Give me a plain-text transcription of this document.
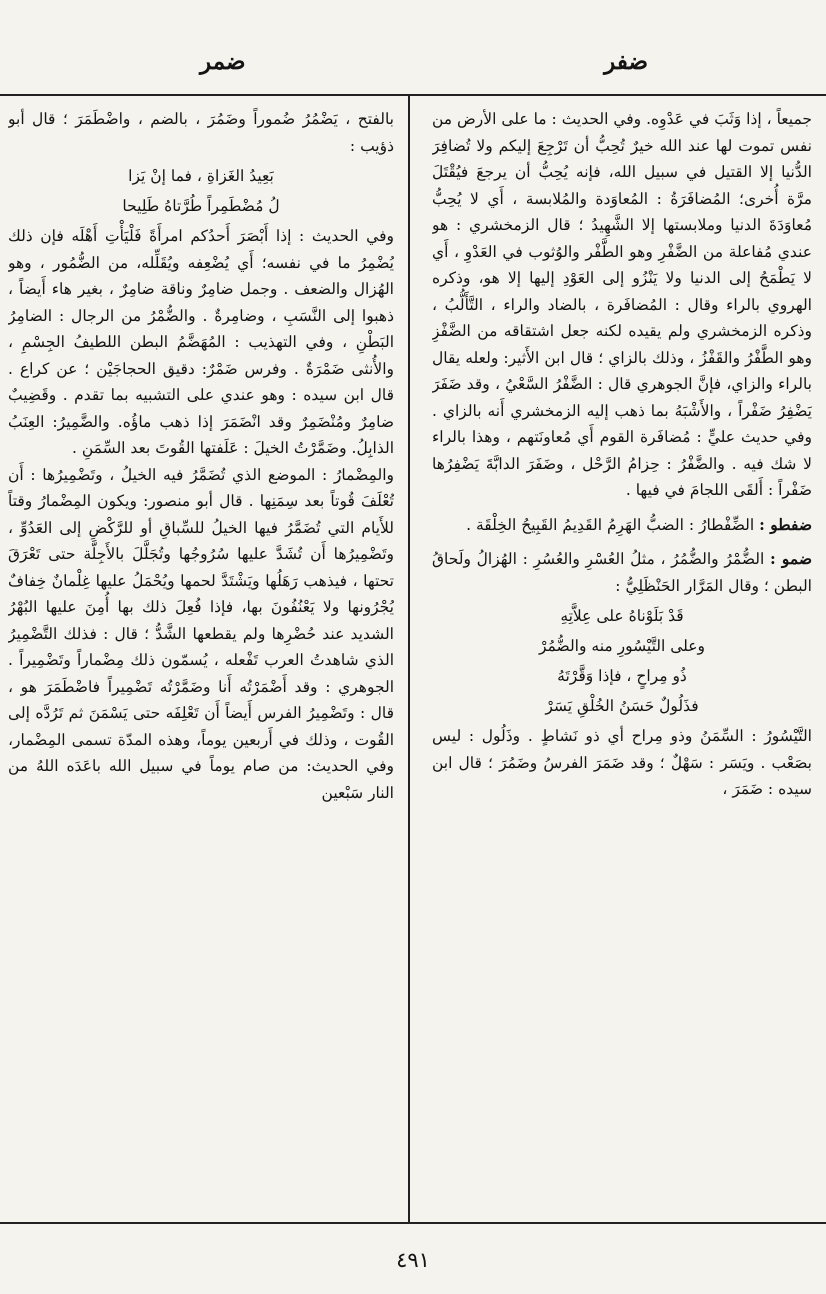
ضفر
ضمر

جميعاً ، إذا وَثَبَ في عَدْوِه. وفي الحديث : ما على الأرض من نفس تموت لها عند الله خيرٌ تُحِبُّ أن تَرْجِعَ إليكم ولا تُضافِرَ الدُّنيا إلا القتيل في سبيل الله، فإنه يُحِبُّ أن يرجعَ فيُقْتَلَ مرَّة أُخرى؛ المُضافَرَةُ : المُعاوَدة والمُلابسة ، أَي لا يُحِبُّ مُعاوَدَةَ الدنيا وملابستها إلا الشَّهِيدُ ؛ قال الزمخشري : هو عندي مُفاعلة من الضَّفْرِ وهو الطَّفْر والوُثوب في العَدْوِ ، أَي لا يَطْمَحُ إلى الدنيا ولا يَنْزُو إلى العَوْدِ إليها إلا هو، وذكره الهروي بالراء وقال : المُضافَرة ، بالضاد والراء ، التَّأَلُّبُ ، وذكره الزمخشري ولم يقيده لكنه جعل اشتقاقه من الضَّفْزِ وهو الطَّفْرُ والقَفْزُ ، وذلك بالزاي ؛ قال ابن الأَثير: ولعله يقال بالراء والزاي، فإنَّ الجوهري قال : الضَّفْرُ السَّعْيُ ، وقد ضَفَرَ يَضْفِرُ ضَفْراً ، والأَشْبَهُ بما ذهب إليه الزمخشري أَنه بالزاي . وفي حديث عليٍّ : مُضافَرة القوم أَي مُعاونَتهم ، وهذا بالراء لا شك فيه . والضَّفْرُ : حِزامُ الرَّحْل ، وضَفَرَ الدابَّةَ يَضْفِرُها ضَفْراً : أَلقَى اللجامَ في فيها .

ضفطو : الضِّفْطارُ : الضبُّ الهَرِمُ القَدِيمُ القَبِيحُ الخِلْقَة .

ضمو : الضُّمْرُ والضُّمُرُ ، مثلُ العُسْرِ والعُسُرِ : الهُزالُ ولَحاقُ البطن ؛ وقال المَرَّار الحَنْظَلِيُّ :

قَدْ بَلَوْناهُ على عِلاَّتِهِ
وعلى التَّيْسُورِ منه والضُّمُرْ
ذُو مِراحٍ ، فإذا وَقَّرْتَهُ
فذَلُولٌ حَسَنُ الخُلْقِ يَسَرْ

التَّيْسُورُ : السِّمَنُ وذو مِراح أي ذو نَشاطٍ . وذَلُول : ليس بصَعْب . ويَسَر : سَهْلٌ ؛ وقد ضَمَرَ الفرسُ وضَمُرَ ؛ قال ابن سيده : ضَمَرَ ،

بالفتح ، يَضْمُرُ ضُموراً وضَمُرَ ، بالضم ، واضْطَمَرَ ؛ قال أبو ذؤيب :

بَعِيدُ الغَزاةِ ، فما إنْ يَزا
لُ مُضْطَمِراً طُرَّتاهُ طَلِيحا

وفي الحديث : إذا أَبْصَرَ أَحدُكم امرأَةً فَلْيَأْتِ أَهْلَه فإن ذلك يُضْمِرُ ما في نفسه؛ أَي يُضْعِفه ويُقَلِّله، من الضُّمُور ، وهو الهُزال والضعف . وجمل ضامِرٌ وناقة ضامِرٌ ، بغير هاء أَيضاً ، ذهبوا إلى النَّسَبِ ، وضامِرةٌ . والضُّمْرُ من الرجال : الضامِرُ البَطْنِ ، وفي التهذيب : المُهَضَّمُ البطن اللطيفُ الجِسْمِ ، والأُنثى ضَمْرَةٌ . وفرس ضَمْرٌ: دقيق الحجاجَيْن ؛ عن كراع . قال ابن سيده : وهو عندي على التشبيه بما تقدم . وقَضِيبٌ ضامِرٌ ومُنْضَمِرٌ وقد انْضَمَرَ إذا ذهب ماؤُه. والضَّمِيرُ: العِنَبُ الذابِلُ. وضَمَّرْتُ الخيلَ : عَلَفتها القُوتَ بعد السِّمَنِ .

والمِضْمارُ : الموضع الذي تُضَمَّرُ فيه الخيلُ ، وتَضْمِيرُها : أَن تُعْلَفَ قُوتاً بعد سِمَنِها . قال أبو منصور: ويكون المِضْمارُ وقتاً للأَيام التي تُضَمَّرُ فيها الخيلُ للسِّباقِ أو للرَّكْضِ إلى العَدُوِّ ، وتَضْمِيرُها أَن تُشَدَّ عليها سُرُوجُها وتُجَلَّلَ بالأَجِلَّة حتى تَعْرَقَ تحتها ، فيذهب رَهَلُها ويَشْتَدَّ لحمها ويُحْمَلُ عليها غِلْمانٌ خِفافٌ يُجْرُونها ولا يَعْنُفُونَ بها، فإذا فُعِلَ ذلك بها أُمِنَ عليها البُهْرُ الشديد عند حُضْرِها ولم يقطعها الشَّدُّ ؛ قال : فذلك التَّضْمِيرُ الذي شاهدتُ العرب تَفْعله ، يُسمّون ذلك مِضْماراً وتَضْمِيراً . الجوهري : وقد أَضْمَرْتُه أَنا وضَمَّرْتُه تَضْمِيراً فاضْطَمَرَ هو ، قال : وتَضْمِيرُ الفرس أَيضاً أَن تَعْلِفَه حتى يَسْمَنَ ثم تَرُدَّه إلى القُوت ، وذلك في أَربعين يوماً، وهذه المدّة تسمى المِضْمار، وفي الحديث: من صام يوماً في سبيل الله باعَدَه اللهُ من النار سَبْعين

٤٩١
